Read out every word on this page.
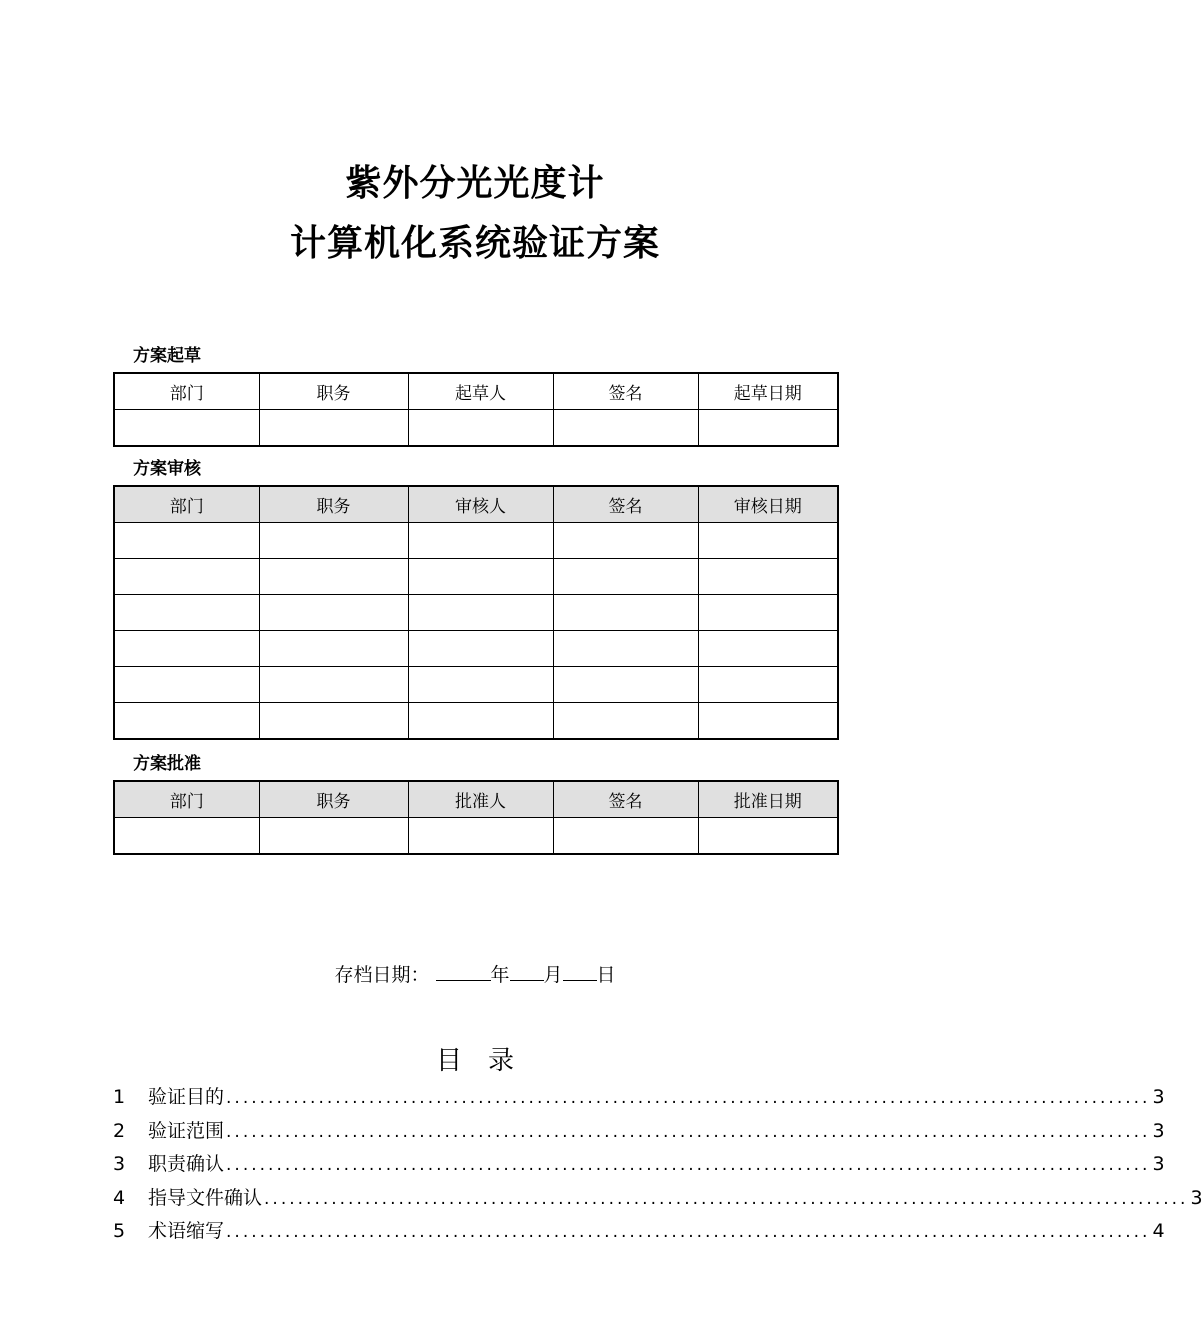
紫外分光光度计
计算机化系统验证方案
方案起草
部门	职务	起草人	签名	起草日期

方案审核
部门	职务	审核人	签名	审核日期

方案批准
部门	职务	批准人	签名	批准日期

存档日期：	年 月 日
目　录
1	验证目的 .............................................................................................................. 3
2	验证范围 .............................................................................................................. 3
3	职责确认 .............................................................................................................. 3
4	指导文件确认 .............................................................................................................. 3
5	术语缩写 .............................................................................................................. 4
